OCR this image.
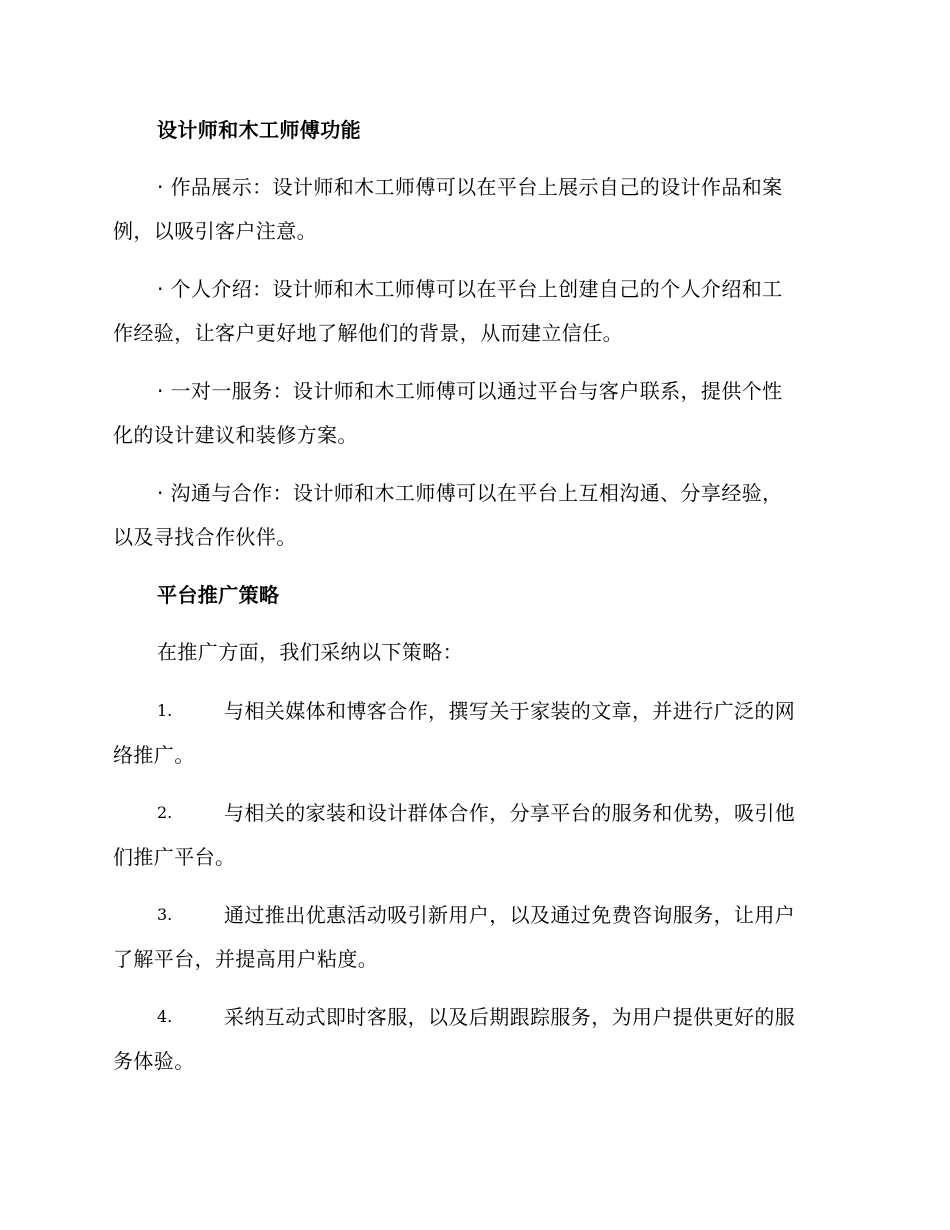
设计师和木工师傅功能
· 作品展示：设计师和木工师傅可以在平台上展示自己的设计作品和案
例，以吸引客户注意。
· 个人介绍：设计师和木工师傅可以在平台上创建自己的个人介绍和工
作经验，让客户更好地了解他们的背景，从而建立信任。
· 一对一服务：设计师和木工师傅可以通过平台与客户联系，提供个性
化的设计建议和装修方案。
· 沟通与合作：设计师和木工师傅可以在平台上互相沟通、分享经验，
以及寻找合作伙伴。
平台推广策略
在推广方面，我们采纳以下策略：
1.	与相关媒体和博客合作，撰写关于家装的文章，并进行广泛的网
络推广。
2.	与相关的家装和设计群体合作，分享平台的服务和优势，吸引他
们推广平台。
3.	通过推出优惠活动吸引新用户，以及通过免费咨询服务，让用户
了解平台，并提高用户粘度。
4.	采纳互动式即时客服，以及后期跟踪服务，为用户提供更好的服
务体验。
